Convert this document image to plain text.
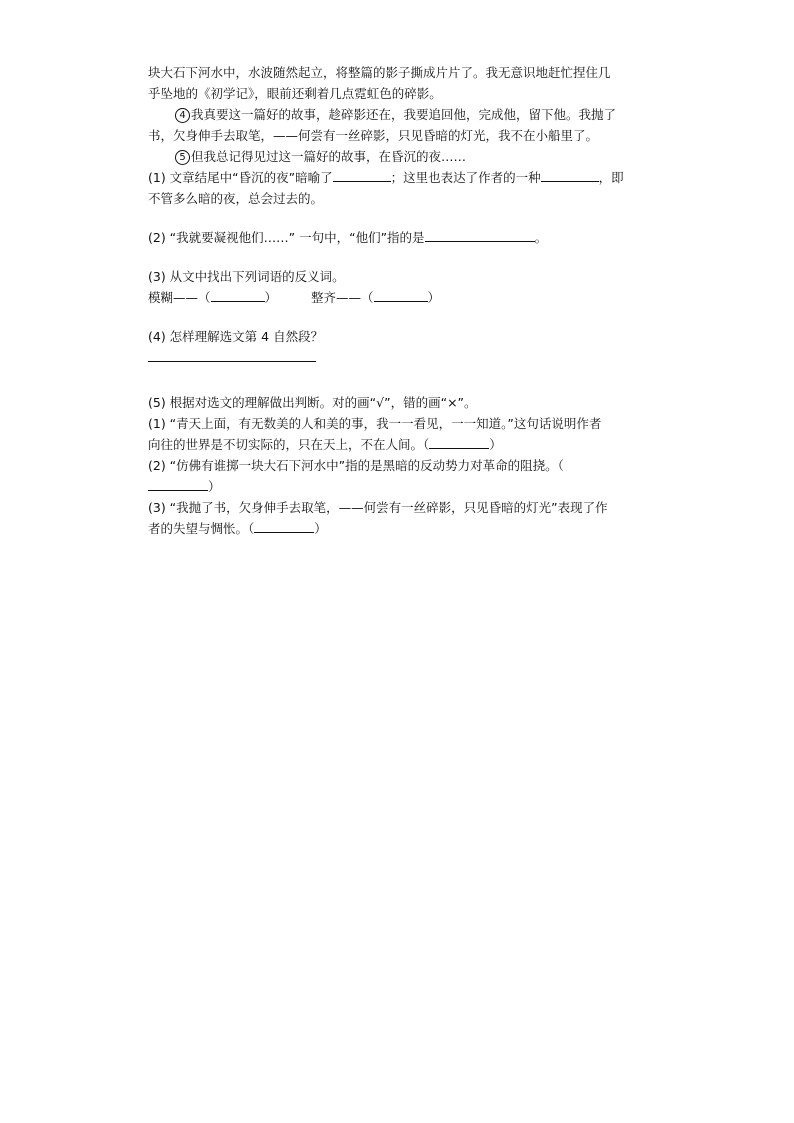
块大石下河水中，水波随然起立，将整篇的影子撕成片片了。我无意识地赶忙捏住几
乎坠地的《初学记》，眼前还剩着几点霓虹色的碎影。
4 我真要这一篇好的故事，趁碎影还在，我要追回他，完成他，留下他。我抛了
书，欠身伸手去取笔，——何尝有一丝碎影，只见昏暗的灯光，我不在小船里了。
5 但我总记得见过这一篇好的故事，在昏沉的夜……
(1) 文章结尾中“昏沉的夜”暗喻了	；这里也表达了作者的一种	，即
不管多么暗的夜，总会过去的。
(2) “我就要凝视他们……” 一句中，“他们”指的是	。
(3) 从文中找出下列词语的反义词。
模糊——（	）	整齐——（	）
(4) 怎样理解选文第 4 自然段？
(5) 根据对选文的理解做出判断。对的画“√”，错的画“×”。
(1) “青天上面，有无数美的人和美的事，我一一看见，一一知道。”这句话说明作者
向往的世界是不切实际的，只在天上，不在人间。（	）
(2) “仿佛有谁掷一块大石下河水中”指的是黑暗的反动势力对革命的阻挠。（
）
(3) “我抛了书，欠身伸手去取笔，——何尝有一丝碎影，只见昏暗的灯光”表现了作
者的失望与惆怅。（	）
